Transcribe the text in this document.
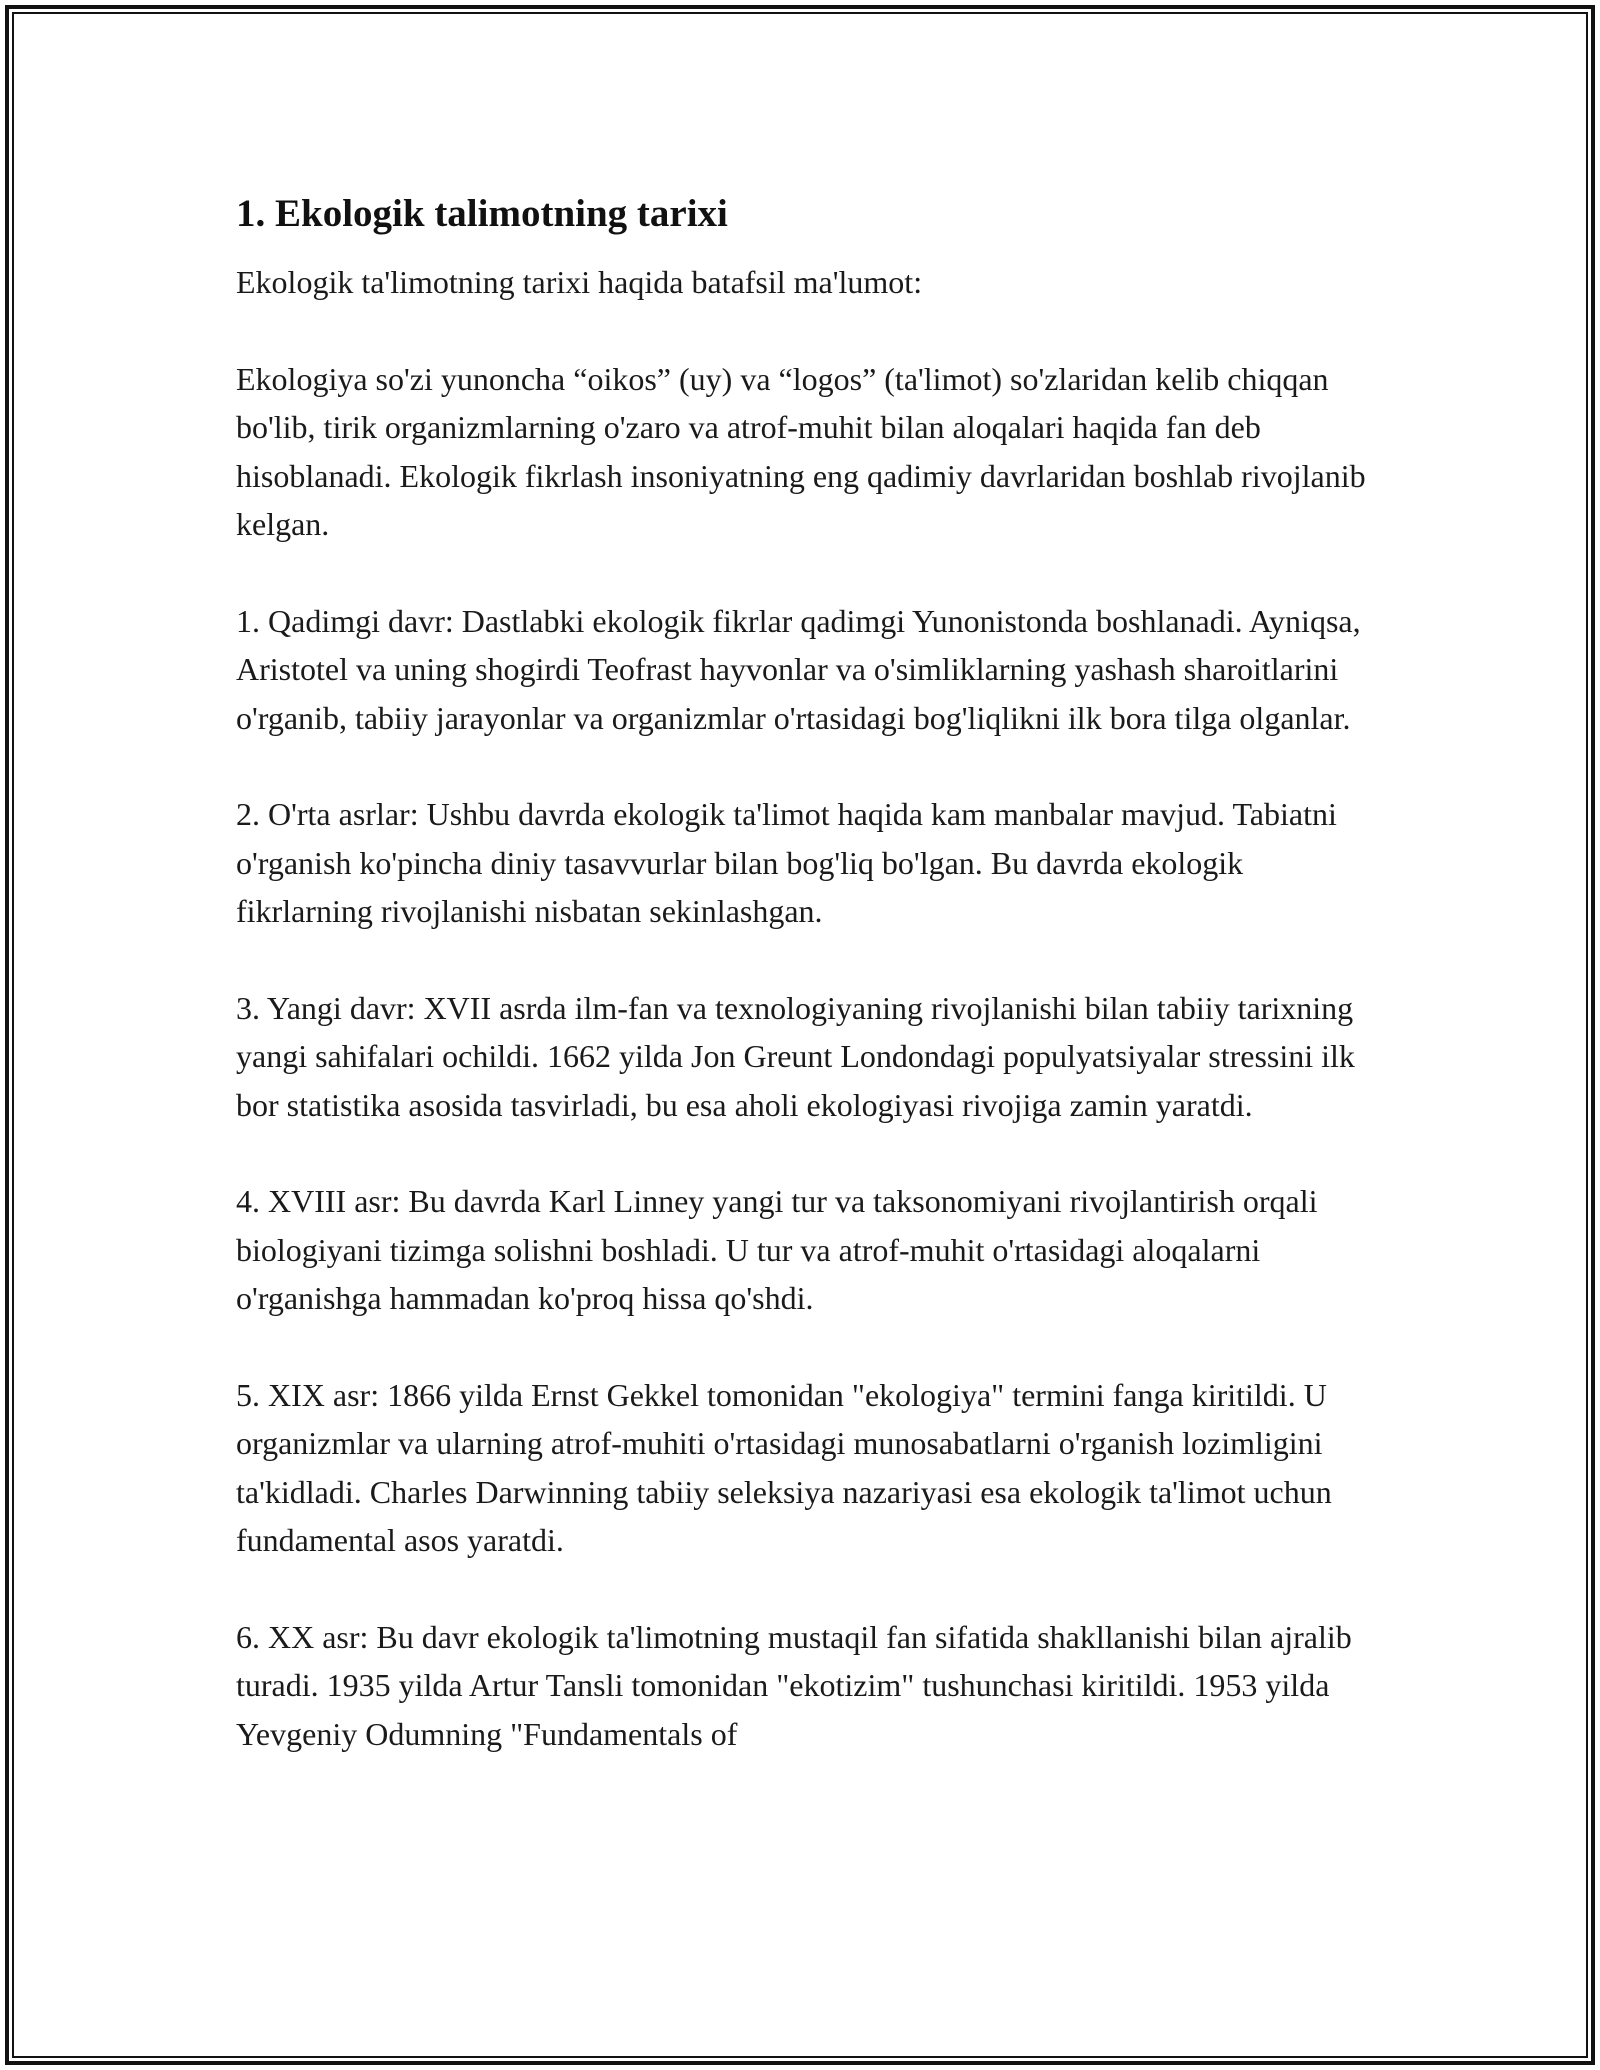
1. Ekologik talimotning tarixi

Ekologik ta'limotning tarixi haqida batafsil ma'lumot:

Ekologiya so'zi yunoncha “oikos” (uy) va “logos” (ta'limot) so'zlaridan kelib chiqqan bo'lib, tirik organizmlarning o'zaro va atrof-muhit bilan aloqalari haqida fan deb hisoblanadi. Ekologik fikrlash insoniyatning eng qadimiy davrlaridan boshlab rivojlanib kelgan.

1. Qadimgi davr: Dastlabki ekologik fikrlar qadimgi Yunonistonda boshlanadi. Ayniqsa, Aristotel va uning shogirdi Teofrast hayvonlar va o'simliklarning yashash sharoitlarini o'rganib, tabiiy jarayonlar va organizmlar o'rtasidagi bog'liqlikni ilk bora tilga olganlar.

2. O'rta asrlar: Ushbu davrda ekologik ta'limot haqida kam manbalar mavjud. Tabiatni o'rganish ko'pincha diniy tasavvurlar bilan bog'liq bo'lgan. Bu davrda ekologik fikrlarning rivojlanishi nisbatan sekinlashgan.

3. Yangi davr: XVII asrda ilm-fan va texnologiyaning rivojlanishi bilan tabiiy tarixning yangi sahifalari ochildi. 1662 yilda Jon Greunt Londondagi populyatsiyalar stressini ilk bor statistika asosida tasvirladi, bu esa aholi ekologiyasi rivojiga zamin yaratdi.

4. XVIII asr: Bu davrda Karl Linney yangi tur va taksonomiyani rivojlantirish orqali biologiyani tizimga solishni boshladi. U tur va atrof-muhit o'rtasidagi aloqalarni o'rganishga hammadan ko'proq hissa qo'shdi.

5. XIX asr: 1866 yilda Ernst Gekkel tomonidan "ekologiya" termini fanga kiritildi. U organizmlar va ularning atrof-muhiti o'rtasidagi munosabatlarni o'rganish lozimligini ta'kidladi. Charles Darwinning tabiiy seleksiya nazariyasi esa ekologik ta'limot uchun fundamental asos yaratdi.

6. XX asr: Bu davr ekologik ta'limotning mustaqil fan sifatida shakllanishi bilan ajralib turadi. 1935 yilda Artur Tansli tomonidan "ekotizim" tushunchasi kiritildi. 1953 yilda Yevgeniy Odumning "Fundamentals of
